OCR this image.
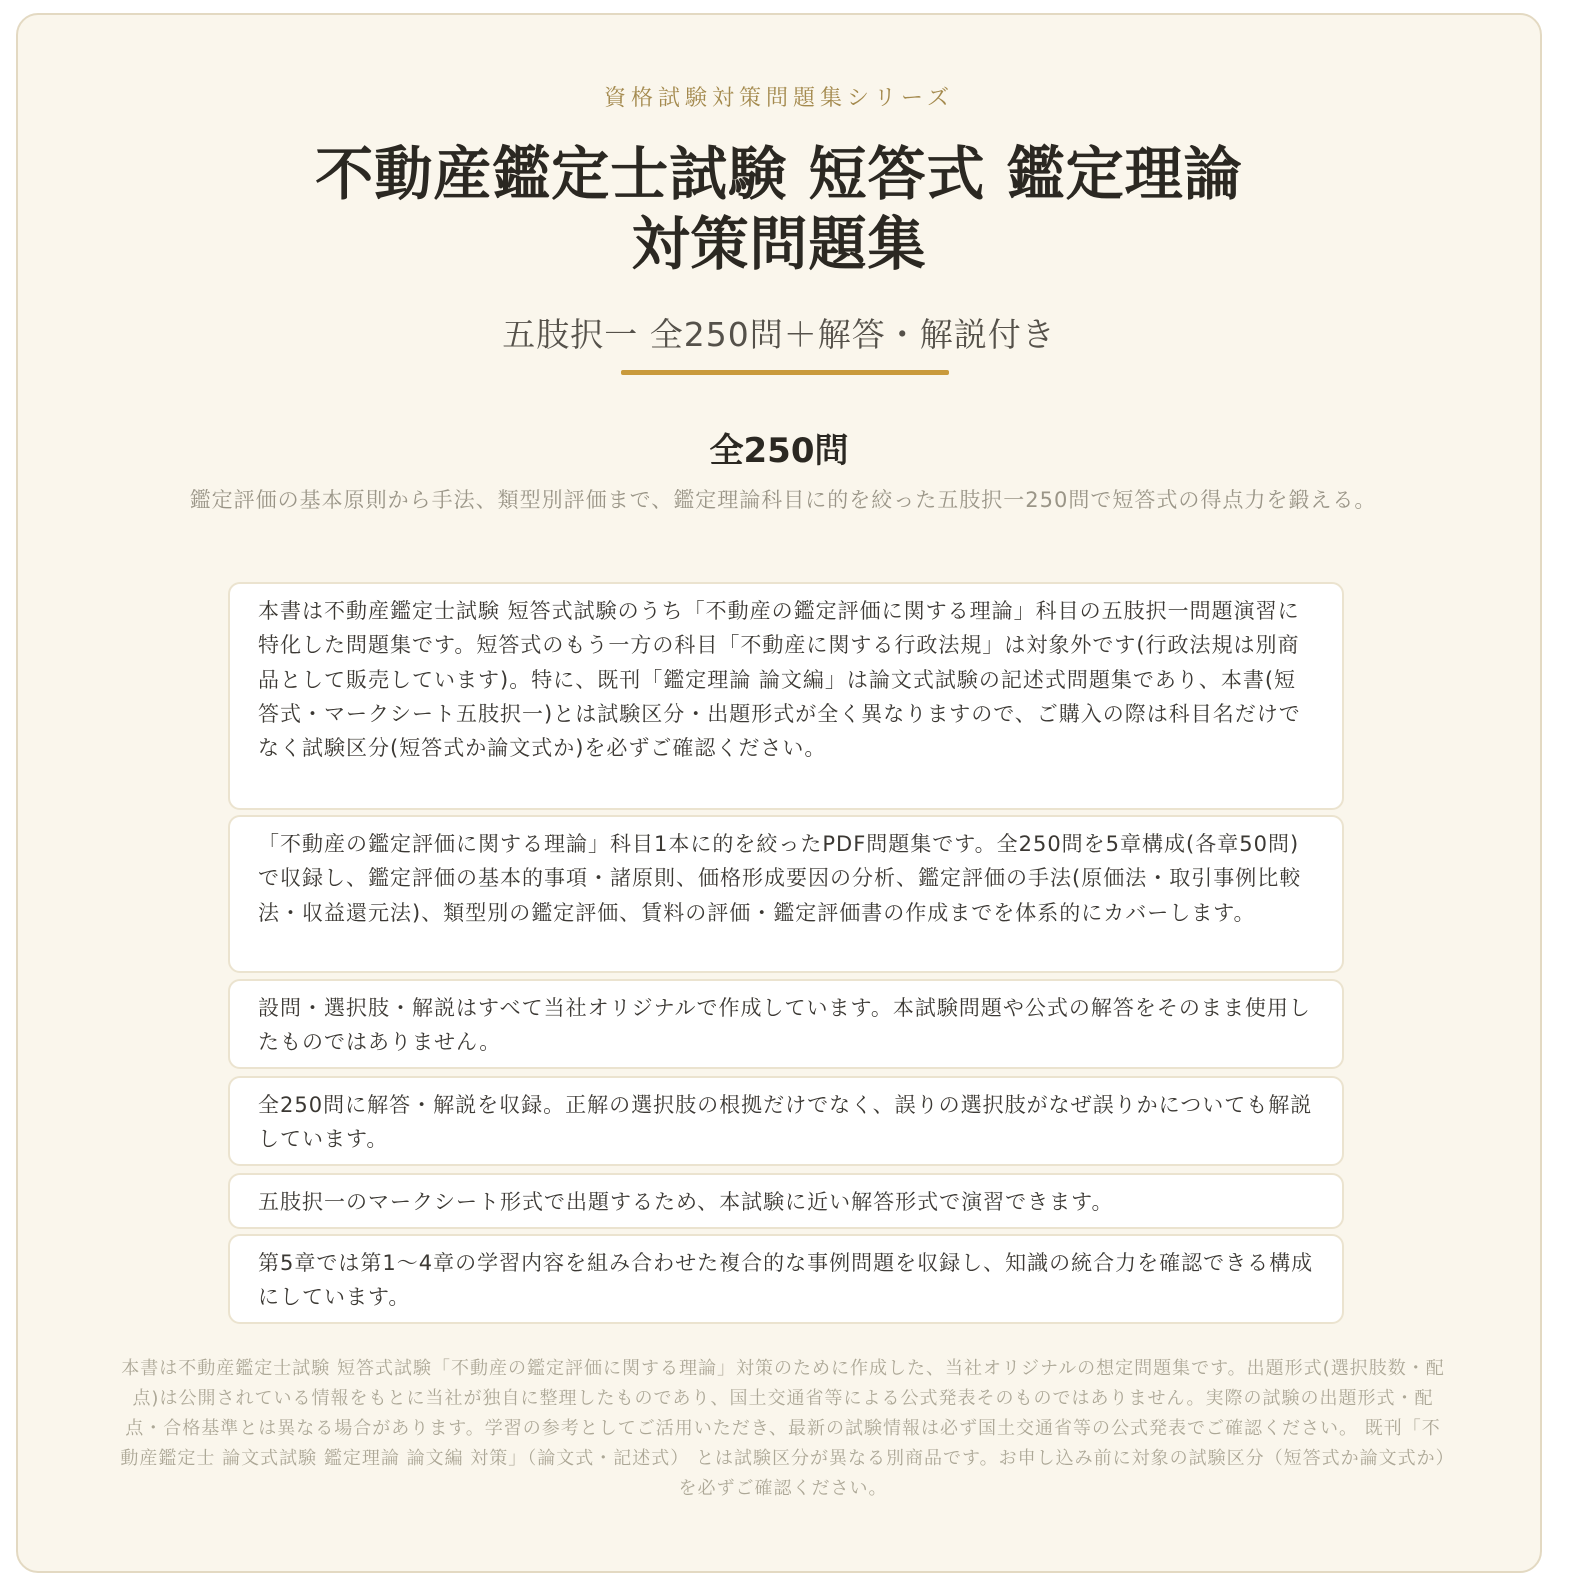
資格試験対策問題集シリーズ
不動産鑑定士試験 短答式 鑑定理論
対策問題集
五肢択一 全250問＋解答・解説付き
全250問
鑑定評価の基本原則から手法、類型別評価まで、鑑定理論科目に的を絞った五肢択一250問で短答式の得点力を鍛える。
本書は不動産鑑定士試験 短答式試験のうち「不動産の鑑定評価に関する理論」科目の五肢択一問題演習に特化した問題集です。短答式のもう一方の科目「不動産に関する行政法規」は対象外です(行政法規は別商品として販売しています)。特に、既刊「鑑定理論 論文編」は論文式試験の記述式問題集であり、本書(短答式・マークシート五肢択一)とは試験区分・出題形式が全く異なりますので、ご購入の際は科目名だけでなく試験区分(短答式か論文式か)を必ずご確認ください。
「不動産の鑑定評価に関する理論」科目1本に的を絞ったPDF問題集です。全250問を5章構成(各章50問)で収録し、鑑定評価の基本的事項・諸原則、価格形成要因の分析、鑑定評価の手法(原価法・取引事例比較法・収益還元法)、類型別の鑑定評価、賃料の評価・鑑定評価書の作成までを体系的にカバーします。
設問・選択肢・解説はすべて当社オリジナルで作成しています。本試験問題や公式の解答をそのまま使用したものではありません。
全250問に解答・解説を収録。正解の選択肢の根拠だけでなく、誤りの選択肢がなぜ誤りかについても解説しています。
五肢択一のマークシート形式で出題するため、本試験に近い解答形式で演習できます。
第5章では第1〜4章の学習内容を組み合わせた複合的な事例問題を収録し、知識の統合力を確認できる構成にしています。
本書は不動産鑑定士試験 短答式試験「不動産の鑑定評価に関する理論」対策のために作成した、当社オリジナルの想定問題集です。出題形式(選択肢数・配点)は公開されている情報をもとに当社が独自に整理したものであり、国土交通省等による公式発表そのものではありません。実際の試験の出題形式・配点・合格基準とは異なる場合があります。学習の参考としてご活用いただき、最新の試験情報は必ず国土交通省等の公式発表でご確認ください。 既刊「不動産鑑定士 論文式試験 鑑定理論 論文編 対策」（論文式・記述式） とは試験区分が異なる別商品です。お申し込み前に対象の試験区分（短答式か論文式か）を必ずご確認ください。
